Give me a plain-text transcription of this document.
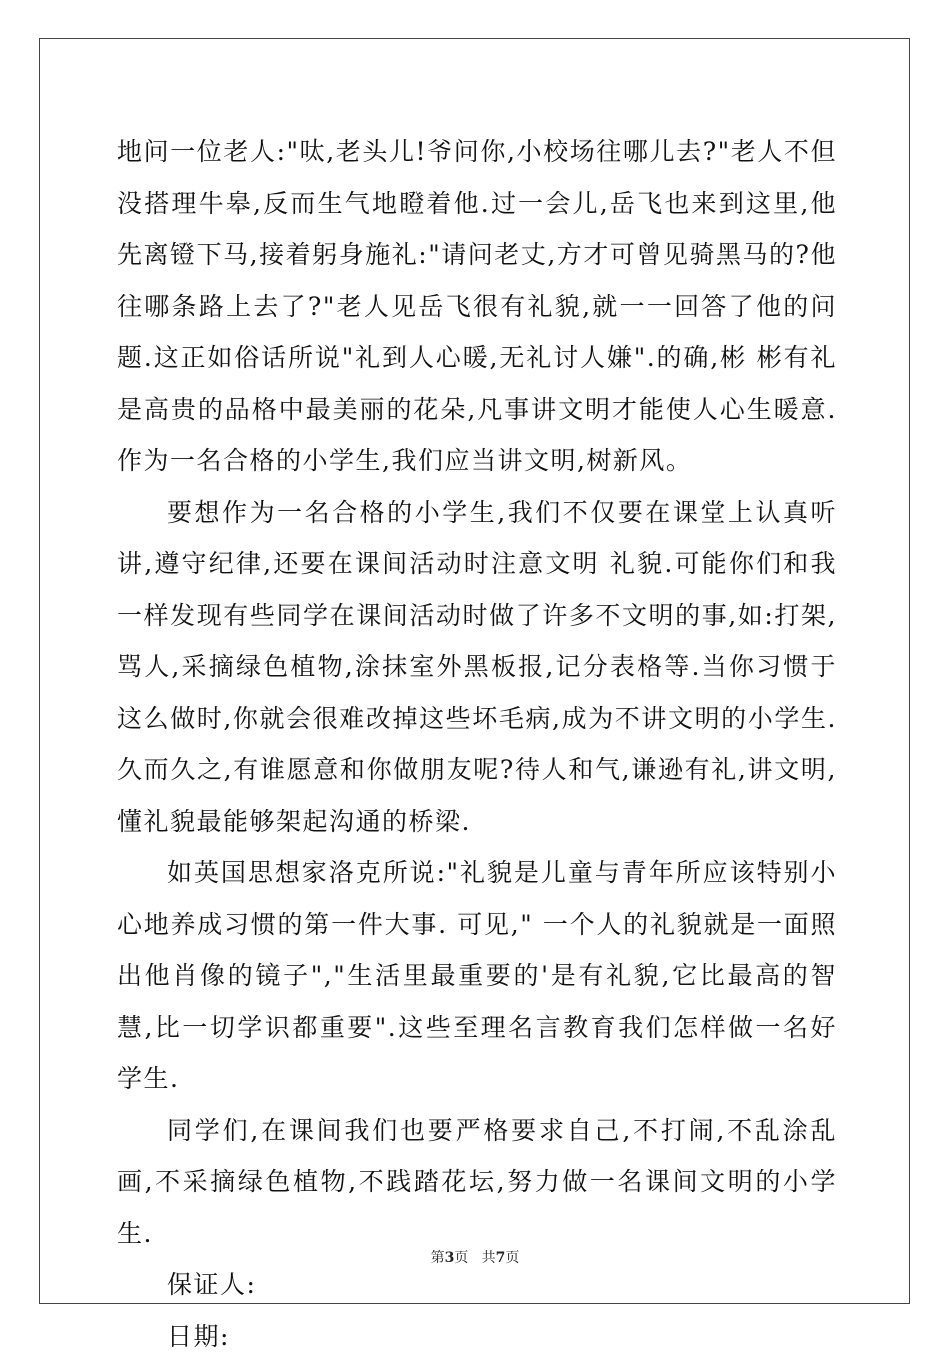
地问一位老人:"呔,老头儿!爷问你,小校场往哪儿去?"老人不但没搭理牛皋,反而生气地瞪着他.过一会儿,岳飞也来到这里,他先离镫下马,接着躬身施礼:"请问老丈,方才可曾见骑黑马的?他往哪条路上去了?"老人见岳飞很有礼貌,就一一回答了他的问题.这正如俗话所说"礼到人心暖,无礼讨人嫌".的确,彬 彬有礼是高贵的品格中最美丽的花朵,凡事讲文明才能使人心生暖意.作为一名合格的小学生,我们应当讲文明,树新风。

要想作为一名合格的小学生,我们不仅要在课堂上认真听讲,遵守纪律,还要在课间活动时注意文明 礼貌.可能你们和我一样发现有些同学在课间活动时做了许多不文明的事,如:打架,骂人,采摘绿色植物,涂抹室外黑板报,记分表格等.当你习惯于这么做时,你就会很难改掉这些坏毛病,成为不讲文明的小学生.久而久之,有谁愿意和你做朋友呢?待人和气,谦逊有礼,讲文明,懂礼貌最能够架起沟通的桥梁.

如英国思想家洛克所说:"礼貌是儿童与青年所应该特别小心地养成习惯的第一件大事. 可见," 一个人的礼貌就是一面照出他肖像的镜子","生活里最重要的'是有礼貌,它比最高的智慧,比一切学识都重要".这些至理名言教育我们怎样做一名好学生.

同学们,在课间我们也要严格要求自己,不打闹,不乱涂乱画,不采摘绿色植物,不践踏花坛,努力做一名课间文明的小学生.

保证人:

日期:

第3页 共7页
